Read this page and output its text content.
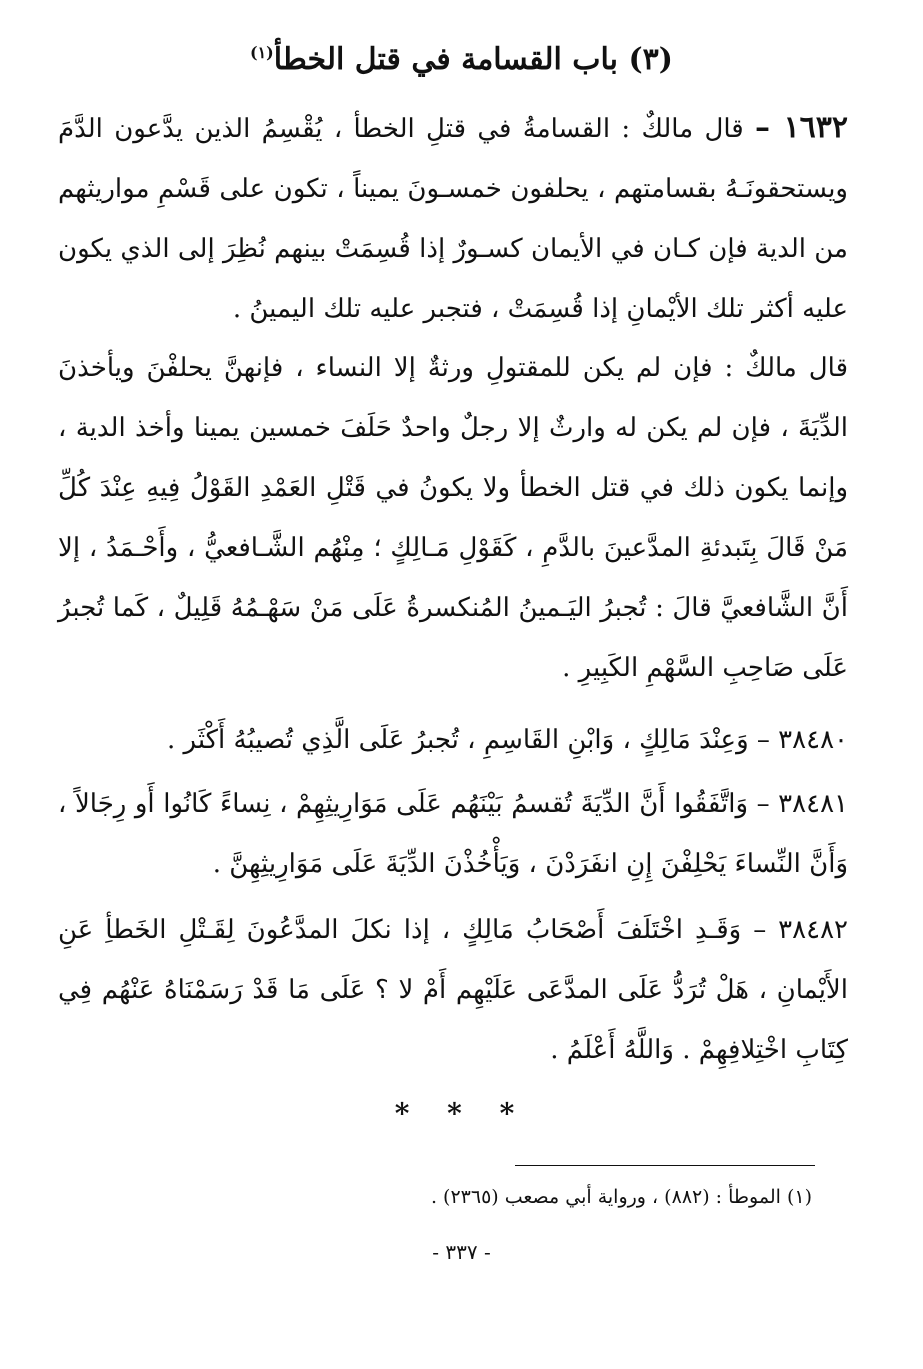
(٣) باب القسامة في قتل الخطأ$^{(١)}$
١٦٣٢ – قال مالكٌ : القسامةُ في قتلِ الخطأ ، يُقْسِمُ الذين يدَّعون الدَّمَ ويستحقونَـهُ بقسامتهم ، يحلفون خمسـونَ يميناً ، تكون على قَسْمِ مواريثهم من الدية فإن كـان في الأيمان كسـورٌ إذا قُسِمَتْ بينهم نُظِرَ إلى الذي يكون عليه أكثر تلك الأيْمانِ إذا قُسِمَتْ ، فتجبر عليه تلك اليمينُ .
قال مالكٌ : فإن لم يكن للمقتولِ ورثةٌ إلا النساء ، فإنهنَّ يحلفْنَ ويأخذنَ الدِّيَةَ ، فإن لم يكن له وارثٌ إلا رجلٌ واحدٌ حَلَفَ خمسين يمينا وأخذ الدية ، وإنما يكون ذلك في قتل الخطأ ولا يكونُ في قَتْلِ العَمْدِ القَوْلُ فِيهِ عِنْدَ كُلِّ مَنْ قَالَ بِتَبدئةِ المدَّعينَ بالدَّمِ ، كَقَوْلِ مَـالِكٍ ؛ مِنْهُم الشَّـافعيُّ ، وأَحْـمَدُ ، إلا أَنَّ الشَّافعيَّ قالَ : تُجبرُ اليَـمينُ المُنكسرةُ عَلَى مَنْ سَهْـمُهُ قَلِيلٌ ، كَما تُجبرُ عَلَى صَاحِبِ السَّهْمِ الكَبِيرِ .
٣٨٤٨٠ – وَعِنْدَ مَالِكٍ ، وَابْنِ القَاسِمِ ، تُجبرُ عَلَى الَّذِي تُصيبُهُ أَكْثَر .
٣٨٤٨١ – وَاتَّفَقُوا أَنَّ الدِّيَةَ تُقسمُ بَيْنَهُم عَلَى مَوَارِيثِهِمْ ، نِساءً كَانُوا أَو رِجَالاً ، وَأَنَّ النِّساءَ يَحْلِفْنَ إِنِ انفَرَدْنَ ، وَيَأْخُذْنَ الدِّيَةَ عَلَى مَوَارِيثِهِنَّ .
٣٨٤٨٢ – وَقَـدِ اخْتَلَفَ أَصْحَابُ مَالِكٍ ، إذا نكلَ المدَّعُونَ لِقَـتْلِ الخَطأِ عَنِ الأَيْمانِ ، هَلْ تُرَدُّ عَلَى المدَّعَى عَلَيْهِم أَمْ لا ؟ عَلَى مَا قَدْ رَسَمْنَاهُ عَنْهُم فِي كِتَابِ اخْتِلافِهِمْ . وَاللَّهُ أَعْلَمُ .
* * *
(١) الموطأ : (٨٨٢) ، ورواية أبي مصعب (٢٣٦٥) .
- ٣٣٧ -
